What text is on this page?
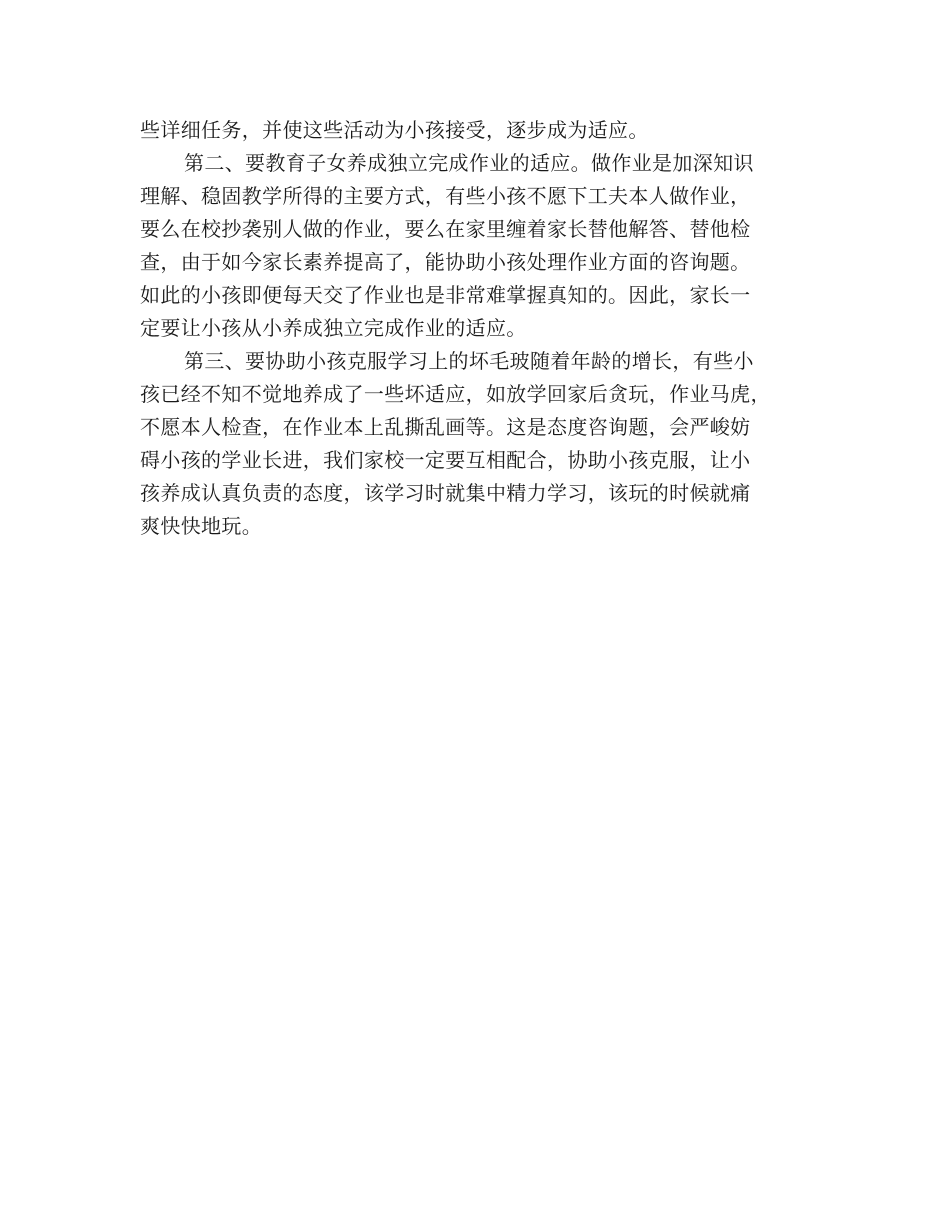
些详细任务，并使这些活动为小孩接受，逐步成为适应。
第二、要教育子女养成独立完成作业的适应。做作业是加深知识
理解、稳固教学所得的主要方式，有些小孩不愿下工夫本人做作业，
要么在校抄袭别人做的作业，要么在家里缠着家长替他解答、替他检
查，由于如今家长素养提高了，能协助小孩处理作业方面的咨询题。
如此的小孩即便每天交了作业也是非常难掌握真知的。因此，家长一
定要让小孩从小养成独立完成作业的适应。
第三、要协助小孩克服学习上的坏毛玻随着年龄的增长，有些小
孩已经不知不觉地养成了一些坏适应，如放学回家后贪玩，作业马虎，
不愿本人检查，在作业本上乱撕乱画等。这是态度咨询题，会严峻妨
碍小孩的学业长进，我们家校一定要互相配合，协助小孩克服，让小
孩养成认真负责的态度，该学习时就集中精力学习，该玩的时候就痛
爽快快地玩。
